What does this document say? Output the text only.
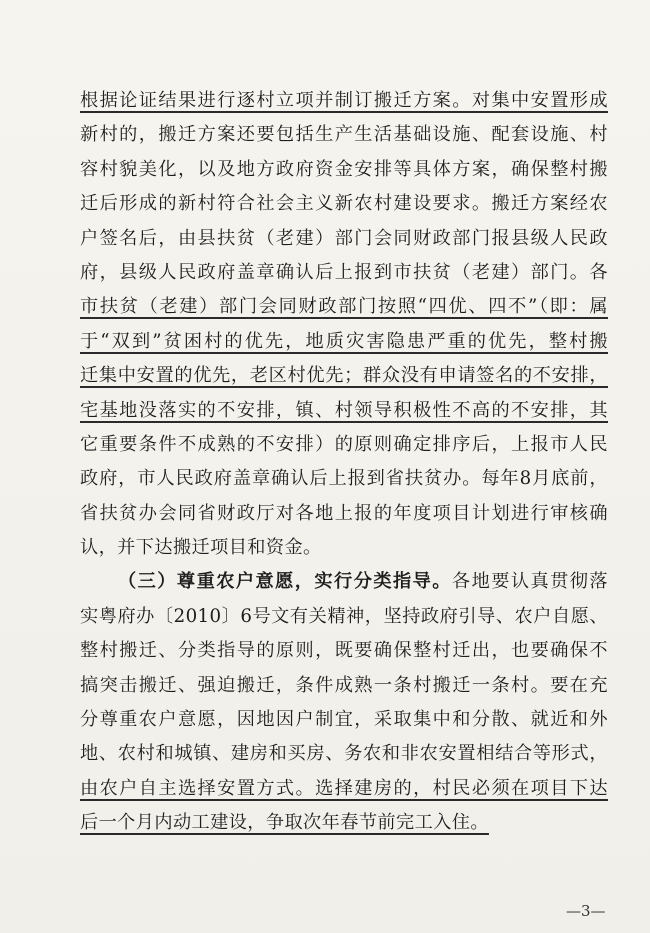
根据论证结果进行逐村立项并制订搬迁方案。对集中安置形成
新村的，搬迁方案还要包括生产生活基础设施、配套设施、村
容村貌美化，以及地方政府资金安排等具体方案，确保整村搬
迁后形成的新村符合社会主义新农村建设要求。搬迁方案经农
户签名后，由县扶贫（老建）部门会同财政部门报县级人民政
府，县级人民政府盖章确认后上报到市扶贫（老建）部门。各
市扶贫（老建）部门会同财政部门按照“四优、四不”（即：属
于“双到”贫困村的优先，地质灾害隐患严重的优先，整村搬
迁集中安置的优先，老区村优先；群众没有申请签名的不安排，
宅基地没落实的不安排，镇、村领导积极性不高的不安排，其
它重要条件不成熟的不安排）的原则确定排序后，上报市人民
政府，市人民政府盖章确认后上报到省扶贫办。每年8月底前，
省扶贫办会同省财政厅对各地上报的年度项目计划进行审核确
认，并下达搬迁项目和资金。
（三）尊重农户意愿，实行分类指导。各地要认真贯彻落
实粤府办〔2010〕6号文有关精神，坚持政府引导、农户自愿、
整村搬迁、分类指导的原则，既要确保整村迁出，也要确保不
搞突击搬迁、强迫搬迁，条件成熟一条村搬迁一条村。要在充
分尊重农户意愿，因地因户制宜，采取集中和分散、就近和外
地、农村和城镇、建房和买房、务农和非农安置相结合等形式，
由农户自主选择安置方式。选择建房的，村民必须在项目下达
后一个月内动工建设，争取次年春节前完工入住。
—3—
